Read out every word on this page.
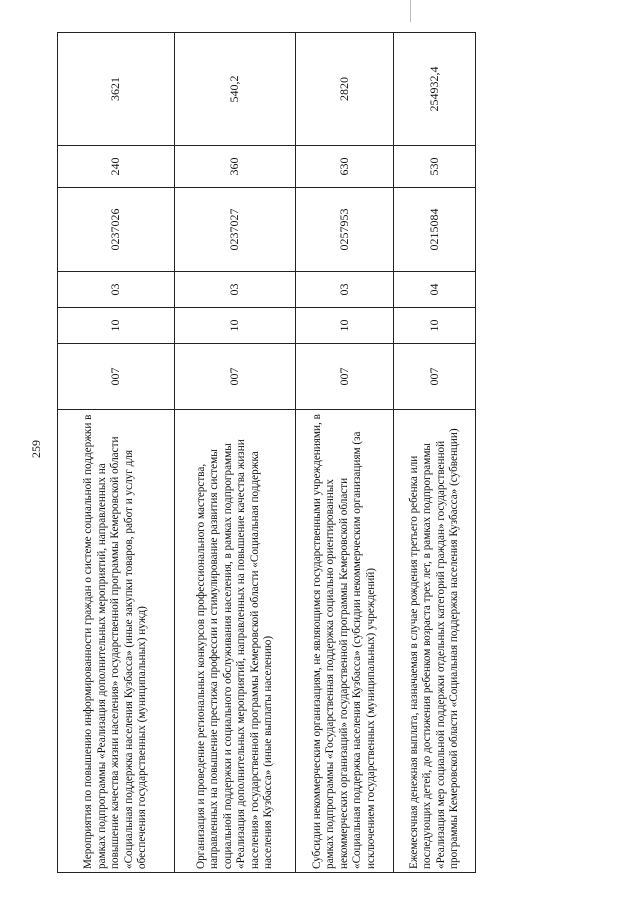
259	Мероприятия по повышению информированности граждан о системе социальной поддержки в рамках подпрограммы «Реализация дополнительных мероприятий, направленных на повышение качества жизни населения» государственной программы Кемеровской области «Социальная поддержка населения Кузбасса» (иные закупки товаров, работ и услуг для обеспечения государственных (муниципальных) нужд)	007	10	03	0237026	240	3621
Организация и проведение региональных конкурсов профессионального мастерства, направленных на повышение престижа профессии и стимулирование развития системы социальной поддержки и социального обслуживания населения, в рамках подпрограммы «Реализация дополнительных мероприятий, направленных на повышение качества жизни населения» государственной программы Кемеровской области «Социальная поддержка населения Кузбасса» (иные выплаты населению)	007	10	03	0237027	360	540,2
Субсидии некоммерческим организациям, не являющимся государственными учреждениями, в рамках подпрограммы «Государственная поддержка социально ориентированных некоммерческих организаций» государственной программы Кемеровской области «Социальная поддержка населения Кузбасса» (субсидии некоммерческим организациям (за исключением государственных (муниципальных) учреждений)	007	10	03	0257953	630	2820
Ежемесячная денежная выплата, назначаемая в случае рождения третьего ребенка или последующих детей, до достижения ребенком возраста трех лет, в рамках подпрограммы «Реализация мер социальной поддержки отдельных категорий граждан» государственной программы Кемеровской области «Социальная поддержка населения Кузбасса» (субвенции)	007	10	04	0215084	530	254932,4
